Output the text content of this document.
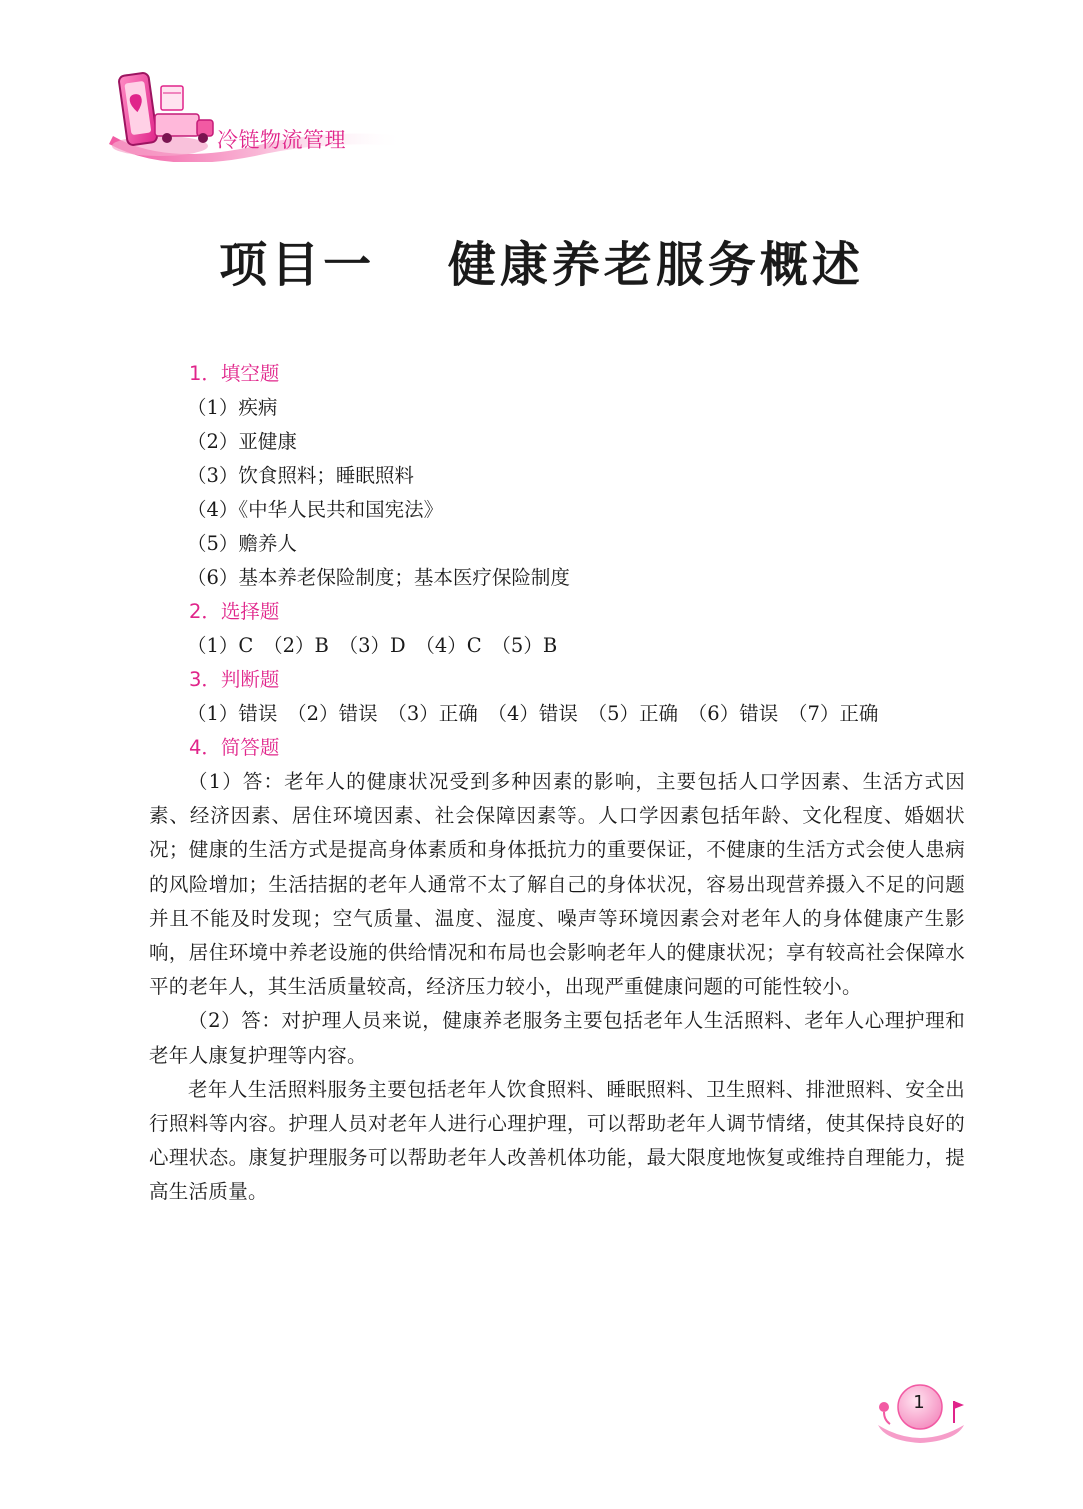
冷链物流管理
项目一　 健康养老服务概述
1．填空题
（1）疾病
（2）亚健康
（3）饮食照料；睡眠照料
（4）《中华人民共和国宪法》
（5）赡养人
（6）基本养老保险制度；基本医疗保险制度
2．选择题
（1）C　（2）B　（3）D　（4）C　（5）B
3．判断题
（1）错误　（2）错误　（3）正确　（4）错误　（5）正确　（6）错误　（7）正确
4．简答题

（1）答：老年人的健康状况受到多种因素的影响，主要包括人口学因素、生活方式因素、经济因素、居住环境因素、社会保障因素等。人口学因素包括年龄、文化程度、婚姻状况；健康的生活方式是提高身体素质和身体抵抗力的重要保证，不健康的生活方式会使人患病的风险增加；生活拮据的老年人通常不太了解自己的身体状况，容易出现营养摄入不足的问题并且不能及时发现；空气质量、温度、湿度、噪声等环境因素会对老年人的身体健康产生影响，居住环境中养老设施的供给情况和布局也会影响老年人的健康状况；享有较高社会保障水平的老年人，其生活质量较高，经济压力较小，出现严重健康问题的可能性较小。

（2）答：对护理人员来说，健康养老服务主要包括老年人生活照料、老年人心理护理和老年人康复护理等内容。

老年人生活照料服务主要包括老年人饮食照料、睡眠照料、卫生照料、排泄照料、安全出行照料等内容。护理人员对老年人进行心理护理，可以帮助老年人调节情绪，使其保持良好的心理状态。康复护理服务可以帮助老年人改善机体功能，最大限度地恢复或维持自理能力，提高生活质量。

1
